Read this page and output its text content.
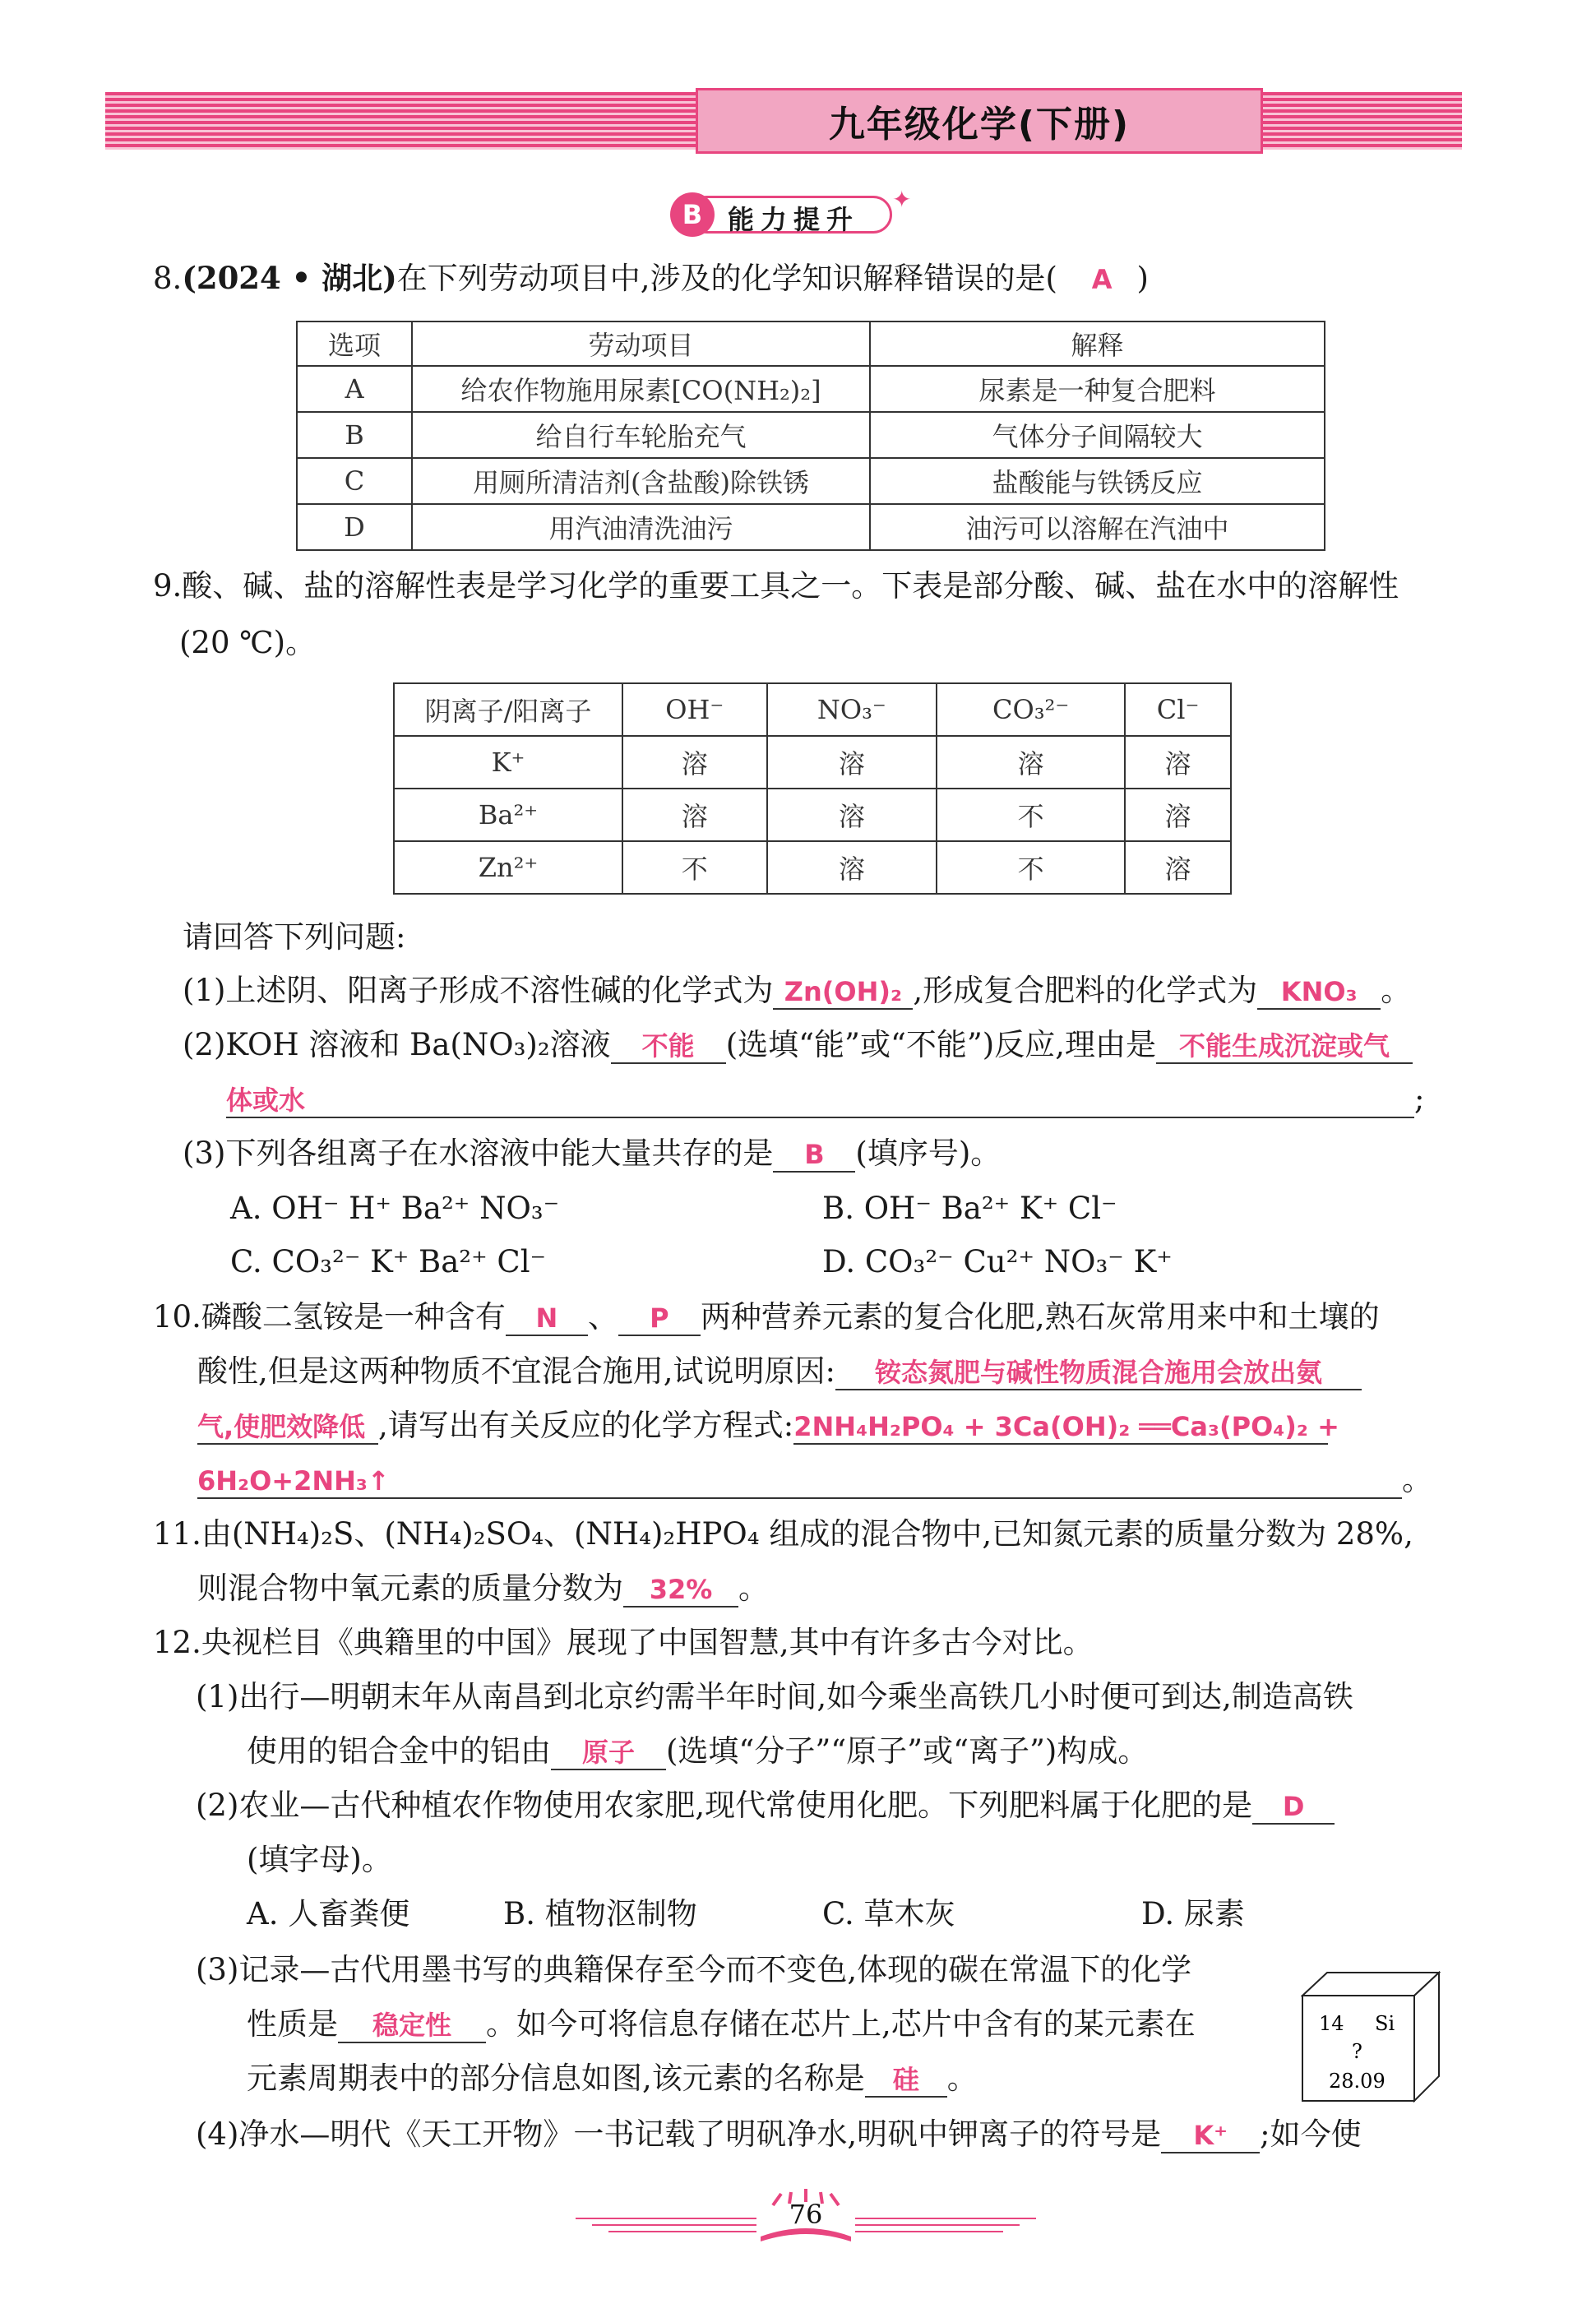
九年级化学(下册)
B 能力提升
✦
8.(2024 • 湖北)在下列劳动项目中,涉及的化学知识解释错误的是( A )
选项	劳动项目	解释
A	给农作物施用尿素[CO(NH₂)₂]	尿素是一种复合肥料
B	给自行车轮胎充气	气体分子间隔较大
C	用厕所清洁剂(含盐酸)除铁锈	盐酸能与铁锈反应
D	用汽油清洗油污	油污可以溶解在汽油中
9.酸、碱、盐的溶解性表是学习化学的重要工具之一。下表是部分酸、碱、盐在水中的溶解性
(20 ℃)。
阴离子/阳离子	OH⁻	NO₃⁻	CO₃²⁻	Cl⁻
K⁺	溶	溶	溶	溶
Ba²⁺	溶	溶	不	溶
Zn²⁺	不	溶	不	溶
请回答下列问题:
(1)上述阴、阳离子形成不溶性碱的化学式为 Zn(OH)₂ ,形成复合肥料的化学式为 KNO₃ 。
(2)KOH 溶液和 Ba(NO₃)₂溶液 不能 (选填“能”或“不能”)反应,理由是 不能生成沉淀或气
体或水	;
(3)下列各组离子在水溶液中能大量共存的是 B (填序号)。
A. OH⁻ H⁺ Ba²⁺ NO₃⁻	B. OH⁻ Ba²⁺ K⁺ Cl⁻
C. CO₃²⁻ K⁺ Ba²⁺ Cl⁻	D. CO₃²⁻ Cu²⁺ NO₃⁻ K⁺
10.磷酸二氢铵是一种含有 N 、 P 两种营养元素的复合化肥,熟石灰常用来中和土壤的
酸性,但是这两种物质不宜混合施用,试说明原因: 铵态氮肥与碱性物质混合施用会放出氨
气,使肥效降低 ,请写出有关反应的化学方程式:2NH₄H₂PO₄ + 3Ca(OH)₂ ══Ca₃(PO₄)₂ +
6H₂O+2NH₃↑	。
11.由(NH₄)₂S、(NH₄)₂SO₄、(NH₄)₂HPO₄ 组成的混合物中,已知氮元素的质量分数为 28%,
则混合物中氧元素的质量分数为 32% 。
12.央视栏目《典籍里的中国》展现了中国智慧,其中有许多古今对比。
(1)出行—明朝末年从南昌到北京约需半年时间,如今乘坐高铁几小时便可到达,制造高铁
使用的铝合金中的铝由 原子 (选填“分子”“原子”或“离子”)构成。
(2)农业—古代种植农作物使用农家肥,现代常使用化肥。下列肥料属于化肥的是 D
(填字母)。
A. 人畜粪便	B. 植物沤制物	C. 草木灰	D. 尿素
(3)记录—古代用墨书写的典籍保存至今而不变色,体现的碳在常温下的化学
性质是 稳定性 。如今可将信息存储在芯片上,芯片中含有的某元素在
元素周期表中的部分信息如图,该元素的名称是 硅 。
(4)净水—明代《天工开物》一书记载了明矾净水,明矾中钾离子的符号是 K⁺ ;如今使
14 Si
?
28.09
76
